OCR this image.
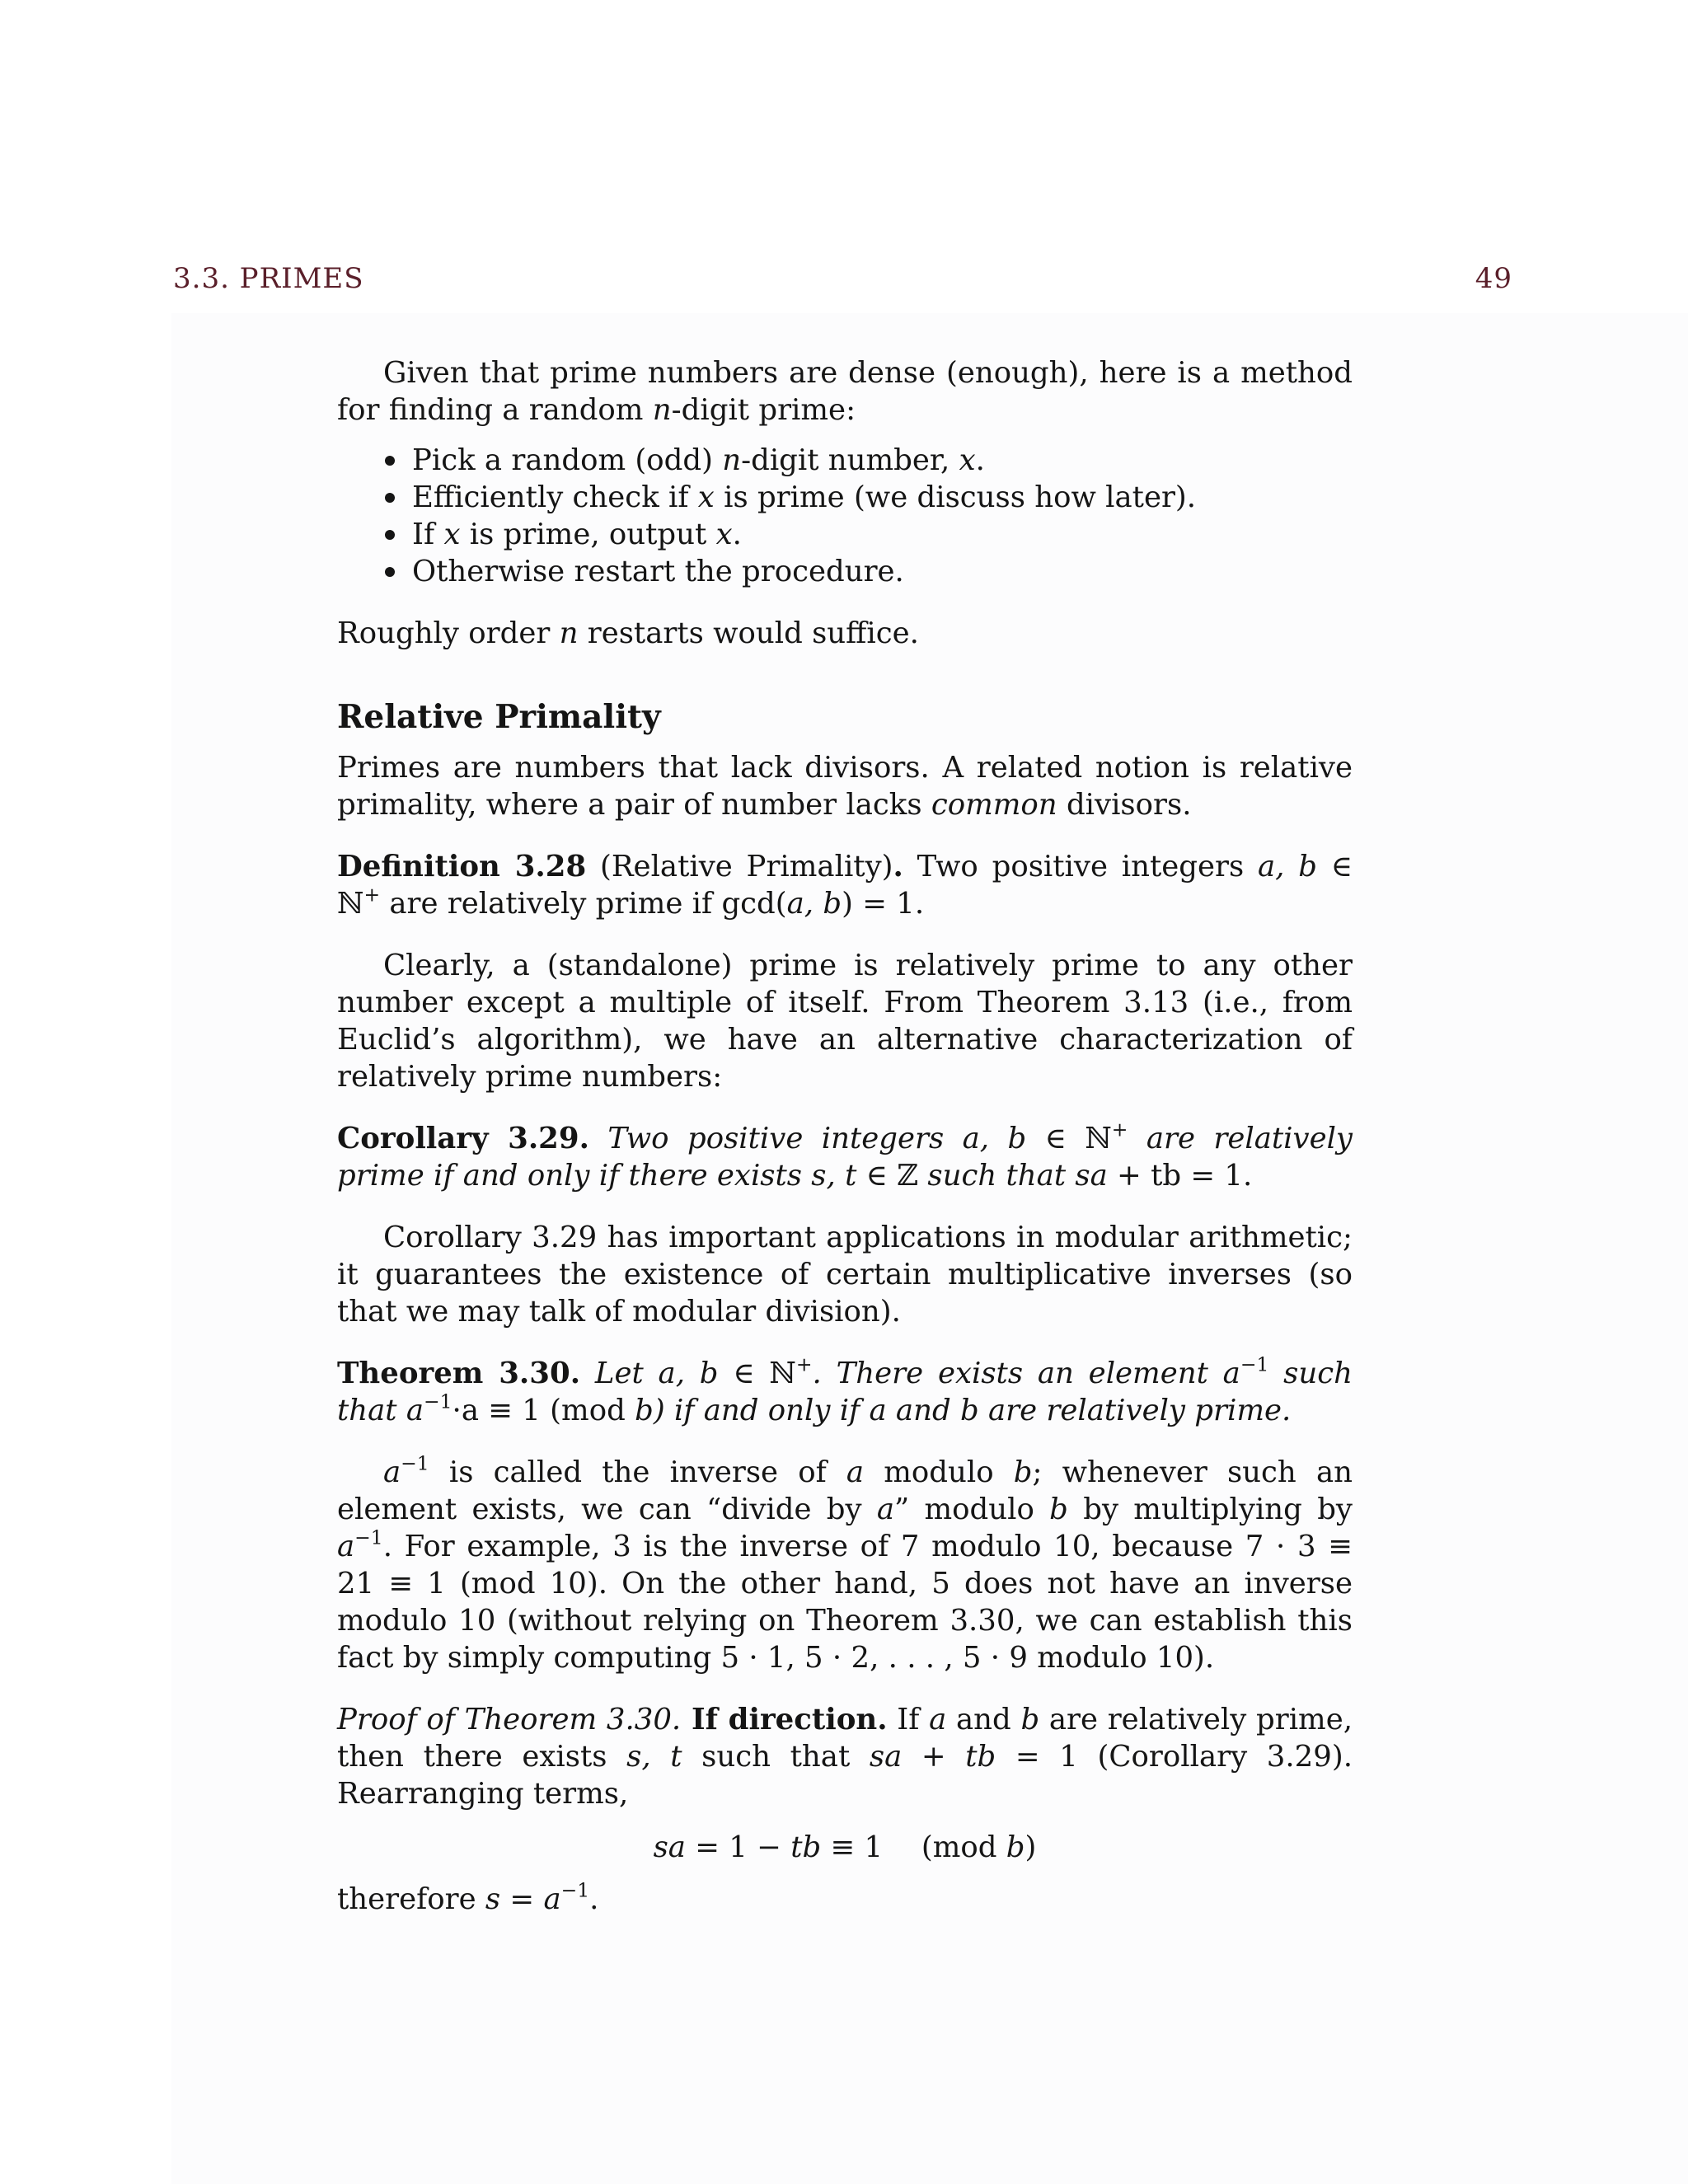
3.3. PRIMES	49

Given that prime numbers are dense (enough), here is a method for finding a random n-digit prime:

Pick a random (odd) n-digit number, x.
Efficiently check if x is prime (we discuss how later).
If x is prime, output x.
Otherwise restart the procedure.

Roughly order n restarts would suffice.

Relative Primality

Primes are numbers that lack divisors. A related notion is relative primality, where a pair of number lacks common divisors.

Definition 3.28 (Relative Primality). Two positive integers a, b ∈ ℕ+ are relatively prime if gcd(a, b) = 1.

Clearly, a (standalone) prime is relatively prime to any other number except a multiple of itself. From Theorem 3.13 (i.e., from Euclid’s algorithm), we have an alternative characterization of relatively prime numbers:

Corollary 3.29. Two positive integers a, b ∈ ℕ+ are relatively prime if and only if there exists s, t ∈ ℤ such that sa + tb = 1.

Corollary 3.29 has important applications in modular arithmetic; it guarantees the existence of certain multiplicative inverses (so that we may talk of modular division).

Theorem 3.30. Let a, b ∈ ℕ+. There exists an element $a^{-1}$ such that $a^{-1}\cdot a \equiv 1$ (mod b) if and only if a and b are relatively prime.

$a^{-1}$ is called the inverse of a modulo b; whenever such an element exists, we can “divide by a” modulo b by multiplying by $a^{-1}$. For example, 3 is the inverse of 7 modulo 10, because 7 · 3 ≡ 21 ≡ 1 (mod 10). On the other hand, 5 does not have an inverse modulo 10 (without relying on Theorem 3.30, we can establish this fact by simply computing 5 · 1, 5 · 2, . . . , 5 · 9 modulo 10).

Proof of Theorem 3.30. If direction. If a and b are relatively prime, then there exists s, t such that sa + tb = 1 (Corollary 3.29). Rearranging terms,

sa = 1 − tb ≡ 1  (mod b)

therefore $s = a^{-1}$.
